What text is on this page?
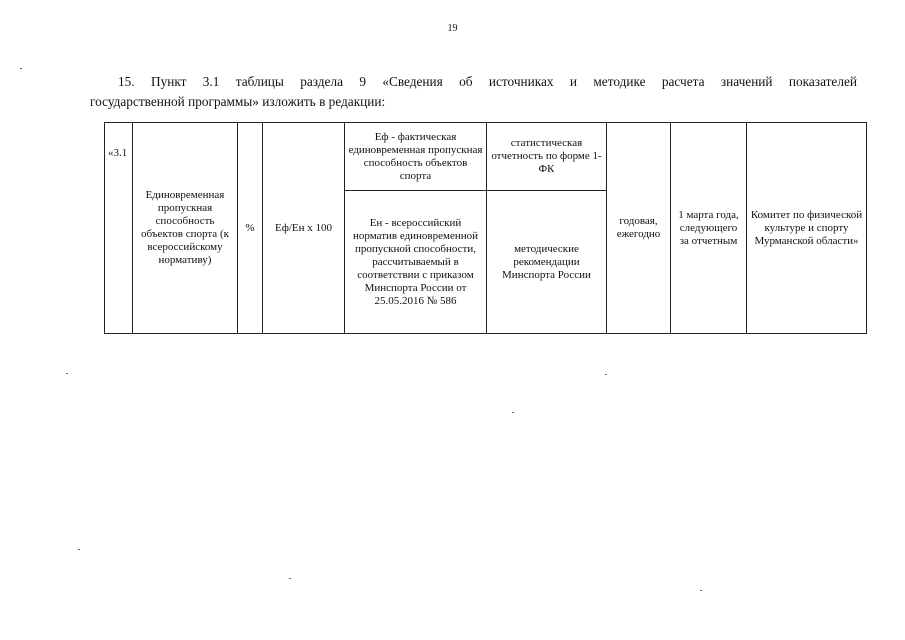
19
15. Пункт 3.1 таблицы раздела 9 «Сведения об источниках и методике расчета значений показателей
государственной программы» изложить в редакции:
«3.1	Единовременная пропускная способность объектов спорта (к всероссийскому нормативу)	%	Еф/Ен х 100	Еф - фактическая единовременная пропускная способность объектов спорта	статистическая отчетность по форме 1-ФК	годовая, ежегодно	1 марта года, следующего за отчетным	Комитет по физической культуре и спорту Мурманской области»
				Ен - всероссийский норматив единовременной пропускной способности, рассчитываемый в соответствии с приказом Минспорта России от 25.05.2016 № 586	методические рекомендации Минспорта России			
